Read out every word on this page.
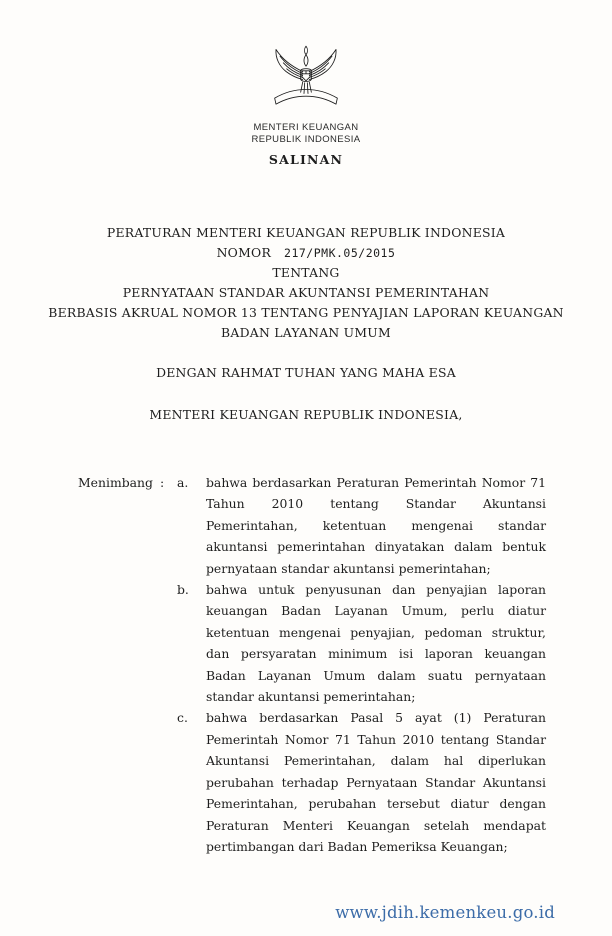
MENTERI KEUANGAN
REPUBLIK INDONESIA
SALINAN
PERATURAN MENTERI KEUANGAN REPUBLIK INDONESIA
NOMOR 217/PMK.05/2015
TENTANG
PERNYATAAN STANDAR AKUNTANSI PEMERINTAHAN
BERBASIS AKRUAL NOMOR 13 TENTANG PENYAJIAN LAPORAN KEUANGAN
BADAN LAYANAN UMUM
DENGAN RAHMAT TUHAN YANG MAHA ESA
MENTERI KEUANGAN REPUBLIK INDONESIA,
Menimbang :	a.	bahwa berdasarkan Peraturan Pemerintah Nomor 71 Tahun 2010 tentang Standar Akuntansi Pemerintahan, ketentuan mengenai standar akuntansi pemerintahan dinyatakan dalam bentuk pernyataan standar akuntansi pemerintahan;
b.	bahwa untuk penyusunan dan penyajian laporan keuangan Badan Layanan Umum, perlu diatur ketentuan mengenai penyajian, pedoman struktur, dan persyaratan minimum isi laporan keuangan Badan Layanan Umum dalam suatu pernyataan standar akuntansi pemerintahan;
c.	bahwa berdasarkan Pasal 5 ayat (1) Peraturan Pemerintah Nomor 71 Tahun 2010 tentang Standar Akuntansi Pemerintahan, dalam hal diperlukan perubahan terhadap Pernyataan Standar Akuntansi Pemerintahan, perubahan tersebut diatur dengan Peraturan Menteri Keuangan setelah mendapat pertimbangan dari Badan Pemeriksa Keuangan;
www.jdih.kemenkeu.go.id
